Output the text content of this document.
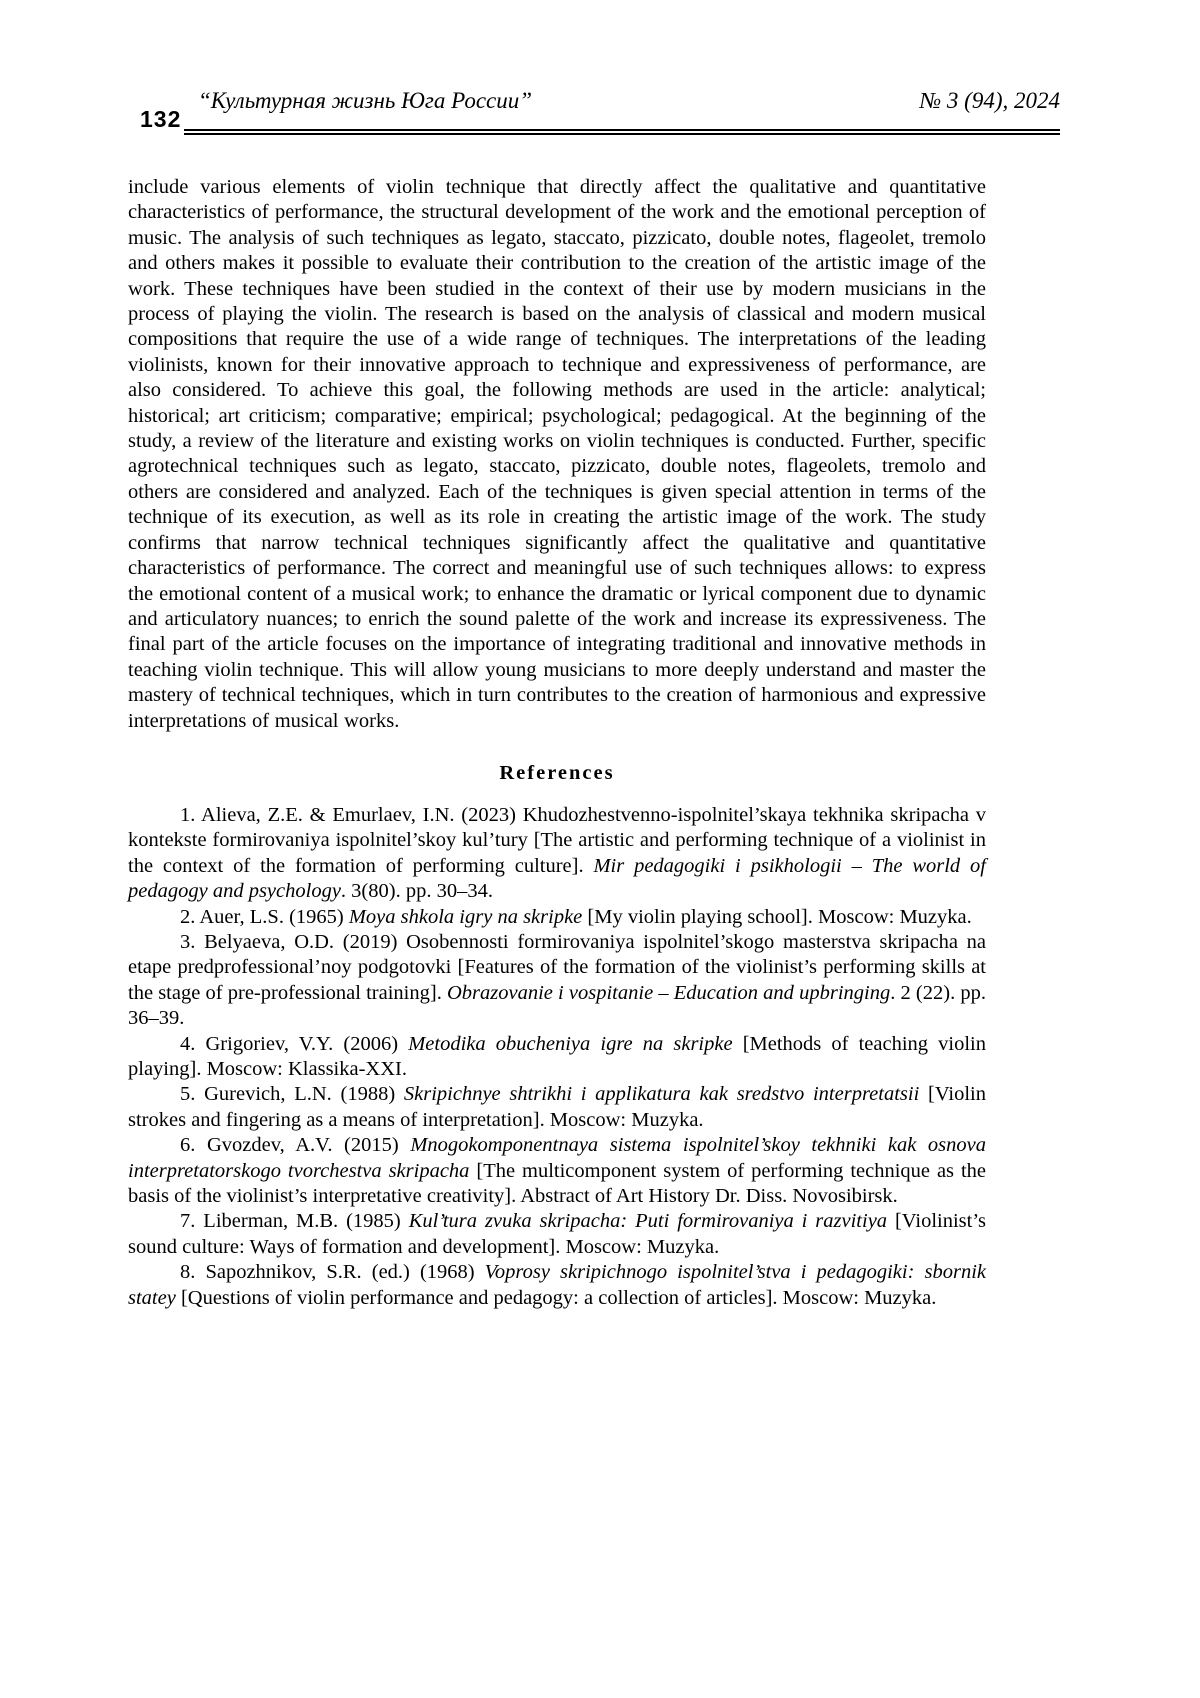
132
“Культурная жизнь Юга России”	№ 3 (94), 2024

include various elements of violin technique that directly affect the qualitative and quantitative characteristics of performance, the structural development of the work and the emotional perception of music. The analysis of such techniques as legato, staccato, pizzicato, double notes, flageolet, tremolo and others makes it possible to evaluate their contribution to the creation of the artistic image of the work. These techniques have been studied in the context of their use by modern musicians in the process of playing the violin. The research is based on the analysis of classical and modern musical compositions that require the use of a wide range of techniques. The interpretations of the leading violinists, known for their innovative approach to technique and expressiveness of performance, are also considered. To achieve this goal, the following methods are used in the article: analytical; historical; art criticism; comparative; empirical; psychological; pedagogical. At the beginning of the study, a review of the literature and existing works on violin techniques is conducted. Further, specific agrotechnical techniques such as legato, staccato, pizzicato, double notes, flageolets, tremolo and others are considered and analyzed. Each of the techniques is given special attention in terms of the technique of its execution, as well as its role in creating the artistic image of the work. The study confirms that narrow technical techniques significantly affect the qualitative and quantitative characteristics of performance. The correct and meaningful use of such techniques allows: to express the emotional content of a musical work; to enhance the dramatic or lyrical component due to dynamic and articulatory nuances; to enrich the sound palette of the work and increase its expressiveness. The final part of the article focuses on the importance of integrating traditional and innovative methods in teaching violin technique. This will allow young musicians to more deeply understand and master the mastery of technical techniques, which in turn contributes to the creation of harmonious and expressive interpretations of musical works.

References

1. Alieva, Z.E. & Emurlaev, I.N. (2023) Khudozhestvenno-ispolnitel’skaya tekhnika skripacha v kontekste formirovaniya ispolnitel’skoy kul’tury [The artistic and performing technique of a violinist in the context of the formation of performing culture]. Mir pedagogiki i psikhologii – The world of pedagogy and psychology. 3(80). pp. 30–34.

2. Auer, L.S. (1965) Moya shkola igry na skripke [My violin playing school]. Moscow: Muzyka.

3. Belyaeva, O.D. (2019) Osobennosti formirovaniya ispolnitel’skogo masterstva skripacha na etape predprofessional’noy podgotovki [Features of the formation of the violinist’s performing skills at the stage of pre-professional training]. Obrazovanie i vospitanie – Education and upbringing. 2 (22). pp. 36–39.

4. Grigoriev, V.Y. (2006) Metodika obucheniya igre na skripke [Methods of teaching violin playing]. Moscow: Klassika-XXI.

5. Gurevich, L.N. (1988) Skripichnye shtrikhi i applikatura kak sredstvo interpretatsii [Violin strokes and fingering as a means of interpretation]. Moscow: Muzyka.

6. Gvozdev, A.V. (2015) Mnogokomponentnaya sistema ispolnitel’skoy tekhniki kak osnova interpretatorskogo tvorchestva skripacha [The multicomponent system of performing technique as the basis of the violinist’s interpretative creativity]. Abstract of Art History Dr. Diss. Novosibirsk.

7. Liberman, M.B. (1985) Kul’tura zvuka skripacha: Puti formirovaniya i razvitiya [Violinist’s sound culture: Ways of formation and development]. Moscow: Muzyka.

8. Sapozhnikov, S.R. (ed.) (1968) Voprosy skripichnogo ispolnitel’stva i pedagogiki: sbornik statey [Questions of violin performance and pedagogy: a collection of articles]. Moscow: Muzyka.
